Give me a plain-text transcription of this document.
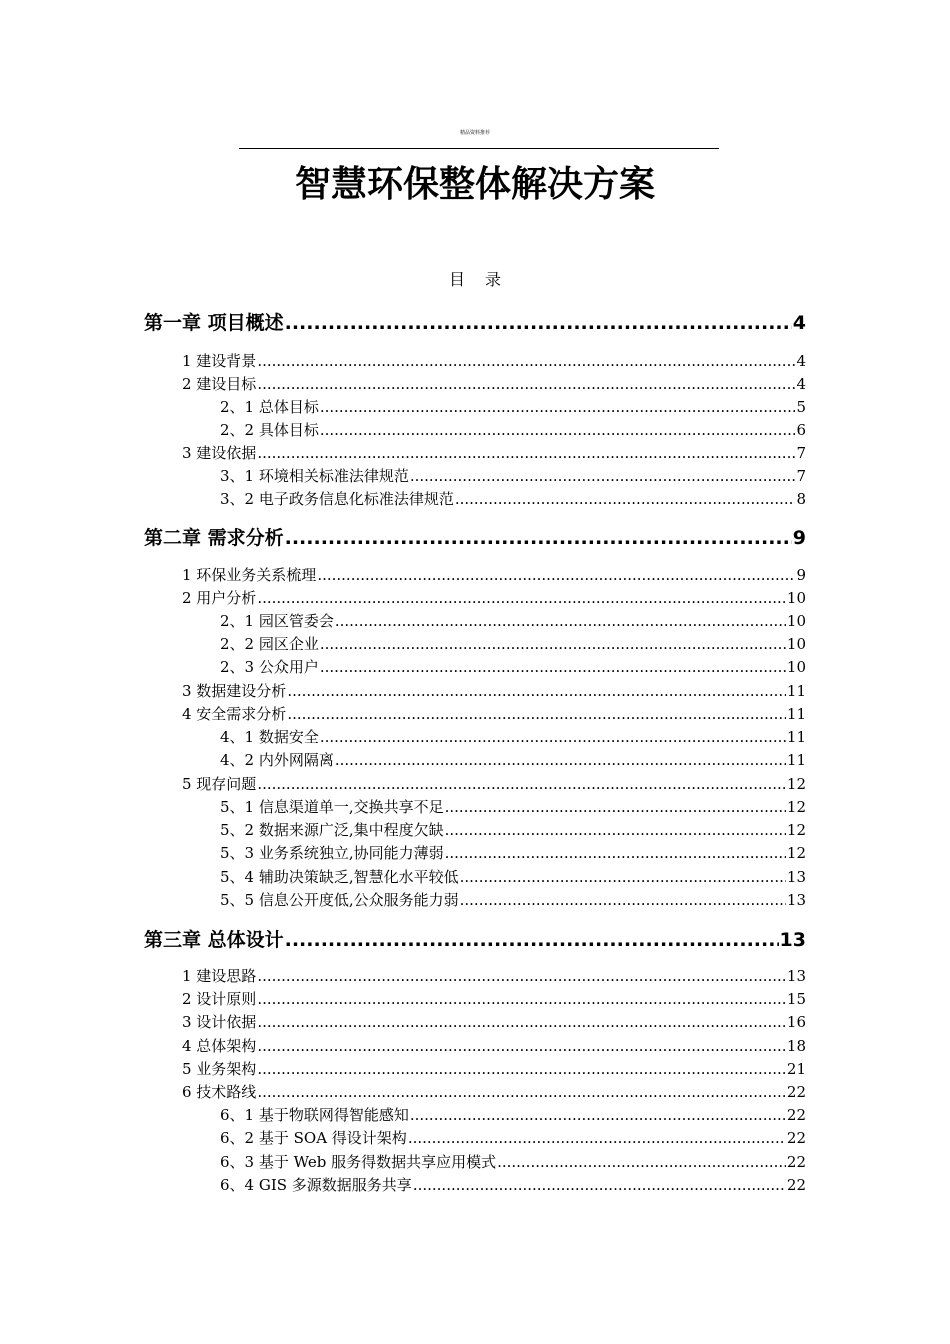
精品资料推荐
智慧环保整体解决方案
目录
第一章 项目概述 .....	4
1 建设背景 .....	4
2 建设目标 .....	4
2、1 总体目标 .....	5
2、2 具体目标 .....	6
3 建设依据 .....	7
3、1 环境相关标准法律规范 .....	7
3、2 电子政务信息化标准法律规范 .....	8
第二章 需求分析 .....	9
1 环保业务关系梳理 .....	9
2 用户分析 .....	10
2、1 园区管委会 .....	10
2、2 园区企业 .....	10
2、3 公众用户 .....	10
3 数据建设分析 .....	11
4 安全需求分析 .....	11
4、1 数据安全 .....	11
4、2 内外网隔离 .....	11
5 现存问题 .....	12
5、1 信息渠道单一,交换共享不足 .....	12
5、2 数据来源广泛,集中程度欠缺 .....	12
5、3 业务系统独立,协同能力薄弱 .....	12
5、4 辅助决策缺乏,智慧化水平较低 .....	13
5、5 信息公开度低,公众服务能力弱 .....	13
第三章 总体设计 .....	13
1 建设思路 .....	13
2 设计原则 .....	15
3 设计依据 .....	16
4 总体架构 .....	18
5 业务架构 .....	21
6 技术路线 .....	22
6、1 基于物联网得智能感知 .....	22
6、2 基于 SOA 得设计架构 .....	22
6、3 基于 Web 服务得数据共享应用模式 .....	22
6、4 GIS 多源数据服务共享 .....	22
